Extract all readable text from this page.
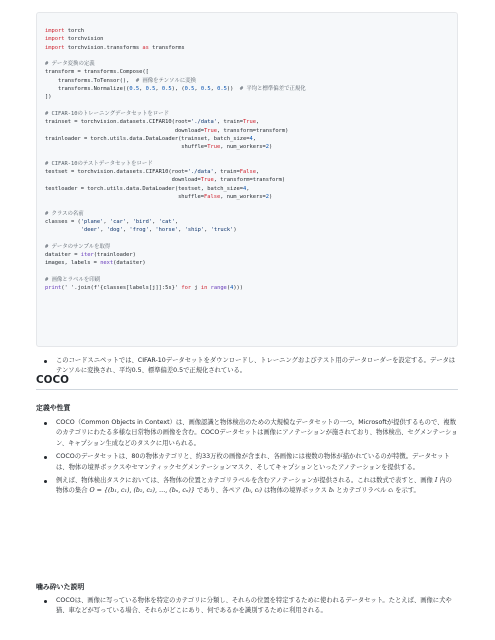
import torch
import torchvision
import torchvision.transforms as transforms
# データ変換の定義
transform = transforms.Compose([
transforms.ToTensor(),  # 画像をテンソルに変換
transforms.Normalize((0.5, 0.5, 0.5), (0.5, 0.5, 0.5))  # 平均と標準偏差で正規化
])
# CIFAR-10のトレーニングデータセットをロード
trainset = torchvision.datasets.CIFAR10(root='./data', train=True,
download=True, transform=transform)
trainloader = torch.utils.data.DataLoader(trainset, batch_size=4,
shuffle=True, num_workers=2)
# CIFAR-10のテストデータセットをロード
testset = torchvision.datasets.CIFAR10(root='./data', train=False,
download=True, transform=transform)
testloader = torch.utils.data.DataLoader(testset, batch_size=4,
shuffle=False, num_workers=2)
# クラスの名前
classes = ('plane', 'car', 'bird', 'cat',
'deer', 'dog', 'frog', 'horse', 'ship', 'truck')
# データのサンプルを取得
dataiter = iter(trainloader)
images, labels = next(dataiter)
# 画像とラベルを印刷
print(' '.join(f'{classes[labels[j]]:5s}' for j in range(4)))
このコードスニペットでは、CIFAR-10データセットをダウンロードし、トレーニングおよびテスト用のデータローダーを設定する。データはテンソルに変換され、平均0.5、標準偏差0.5で正規化されている。
COCO
定義や性質
COCO（Common Objects in Context）は、画像認識と物体検出のための大規模なデータセットの一つ。Microsoftが提供するもので、複数のカテゴリにわたる多様な日常物体の画像を含む。COCOデータセットは画像にアノテーションが施されており、物体検出、セグメンテーション、キャプション生成などのタスクに用いられる。
COCOのデータセットは、80の物体カテゴリと、約33万枚の画像が含まれ、各画像には複数の物体が描かれているのが特徴。データセットは、物体の境界ボックスやセマンティックセグメンテーションマスク、そしてキャプションといったアノテーションを提供する。
例えば、物体検出タスクにおいては、各物体の位置とカテゴリラベルを含むアノテーションが提供される。これは数式で表すと、画像 I 内の物体の集合 O = {(b₁, c₁), (b₂, c₂), …, (bₙ, cₙ)} であり、各ペア (bᵢ, cᵢ) は物体の境界ボックス bᵢ とカテゴリラベル cᵢ を示す。
噛み砕いた説明
COCOは、画像に写っている物体を特定のカテゴリに分類し、それらの位置を特定するために使われるデータセット。たとえば、画像に犬や猫、車などが写っている場合、それらがどこにあり、何であるかを識別するために利用される。
